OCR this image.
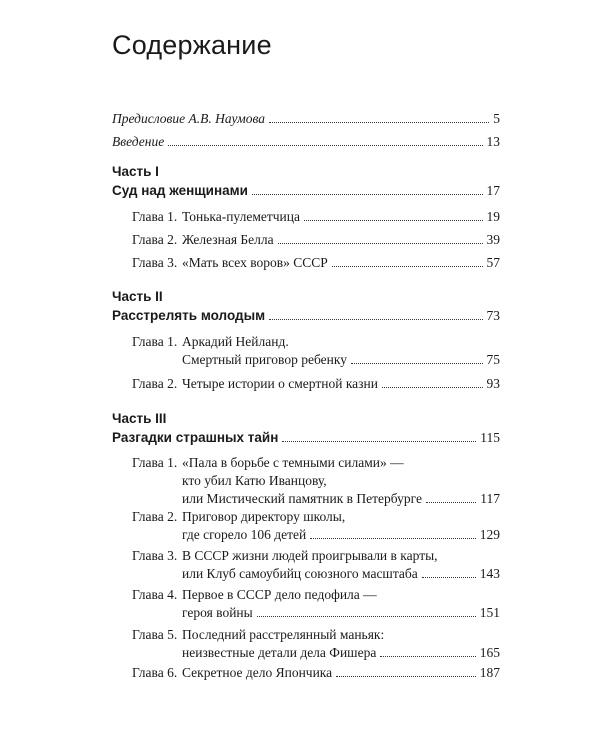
Содержание
Предисловие А.В. Наумова	5
Введение	13
Часть I
Суд над женщинами	17
Глава 1. Тонька-пулеметчица	19
Глава 2. Железная Белла	39
Глава 3. «Мать всех воров» СССР	57
Часть II
Расстрелять молодым	73
Глава 1. Аркадий Нейланд.
Смертный приговор ребенку	75
Глава 2. Четыре истории о смертной казни	93
Часть III
Разгадки страшных тайн	115
Глава 1. «Пала в борьбе с темными силами» —
кто убил Катю Иванцову,
или Мистический памятник в Петербурге	117
Глава 2. Приговор директору школы,
где сгорело 106 детей	129
Глава 3. В СССР жизни людей проигрывали в карты,
или Клуб самоубийц союзного масштаба	143
Глава 4. Первое в СССР дело педофила —
героя войны	151
Глава 5. Последний расстрелянный маньяк:
неизвестные детали дела Фишера	165
Глава 6. Секретное дело Япончика	187
